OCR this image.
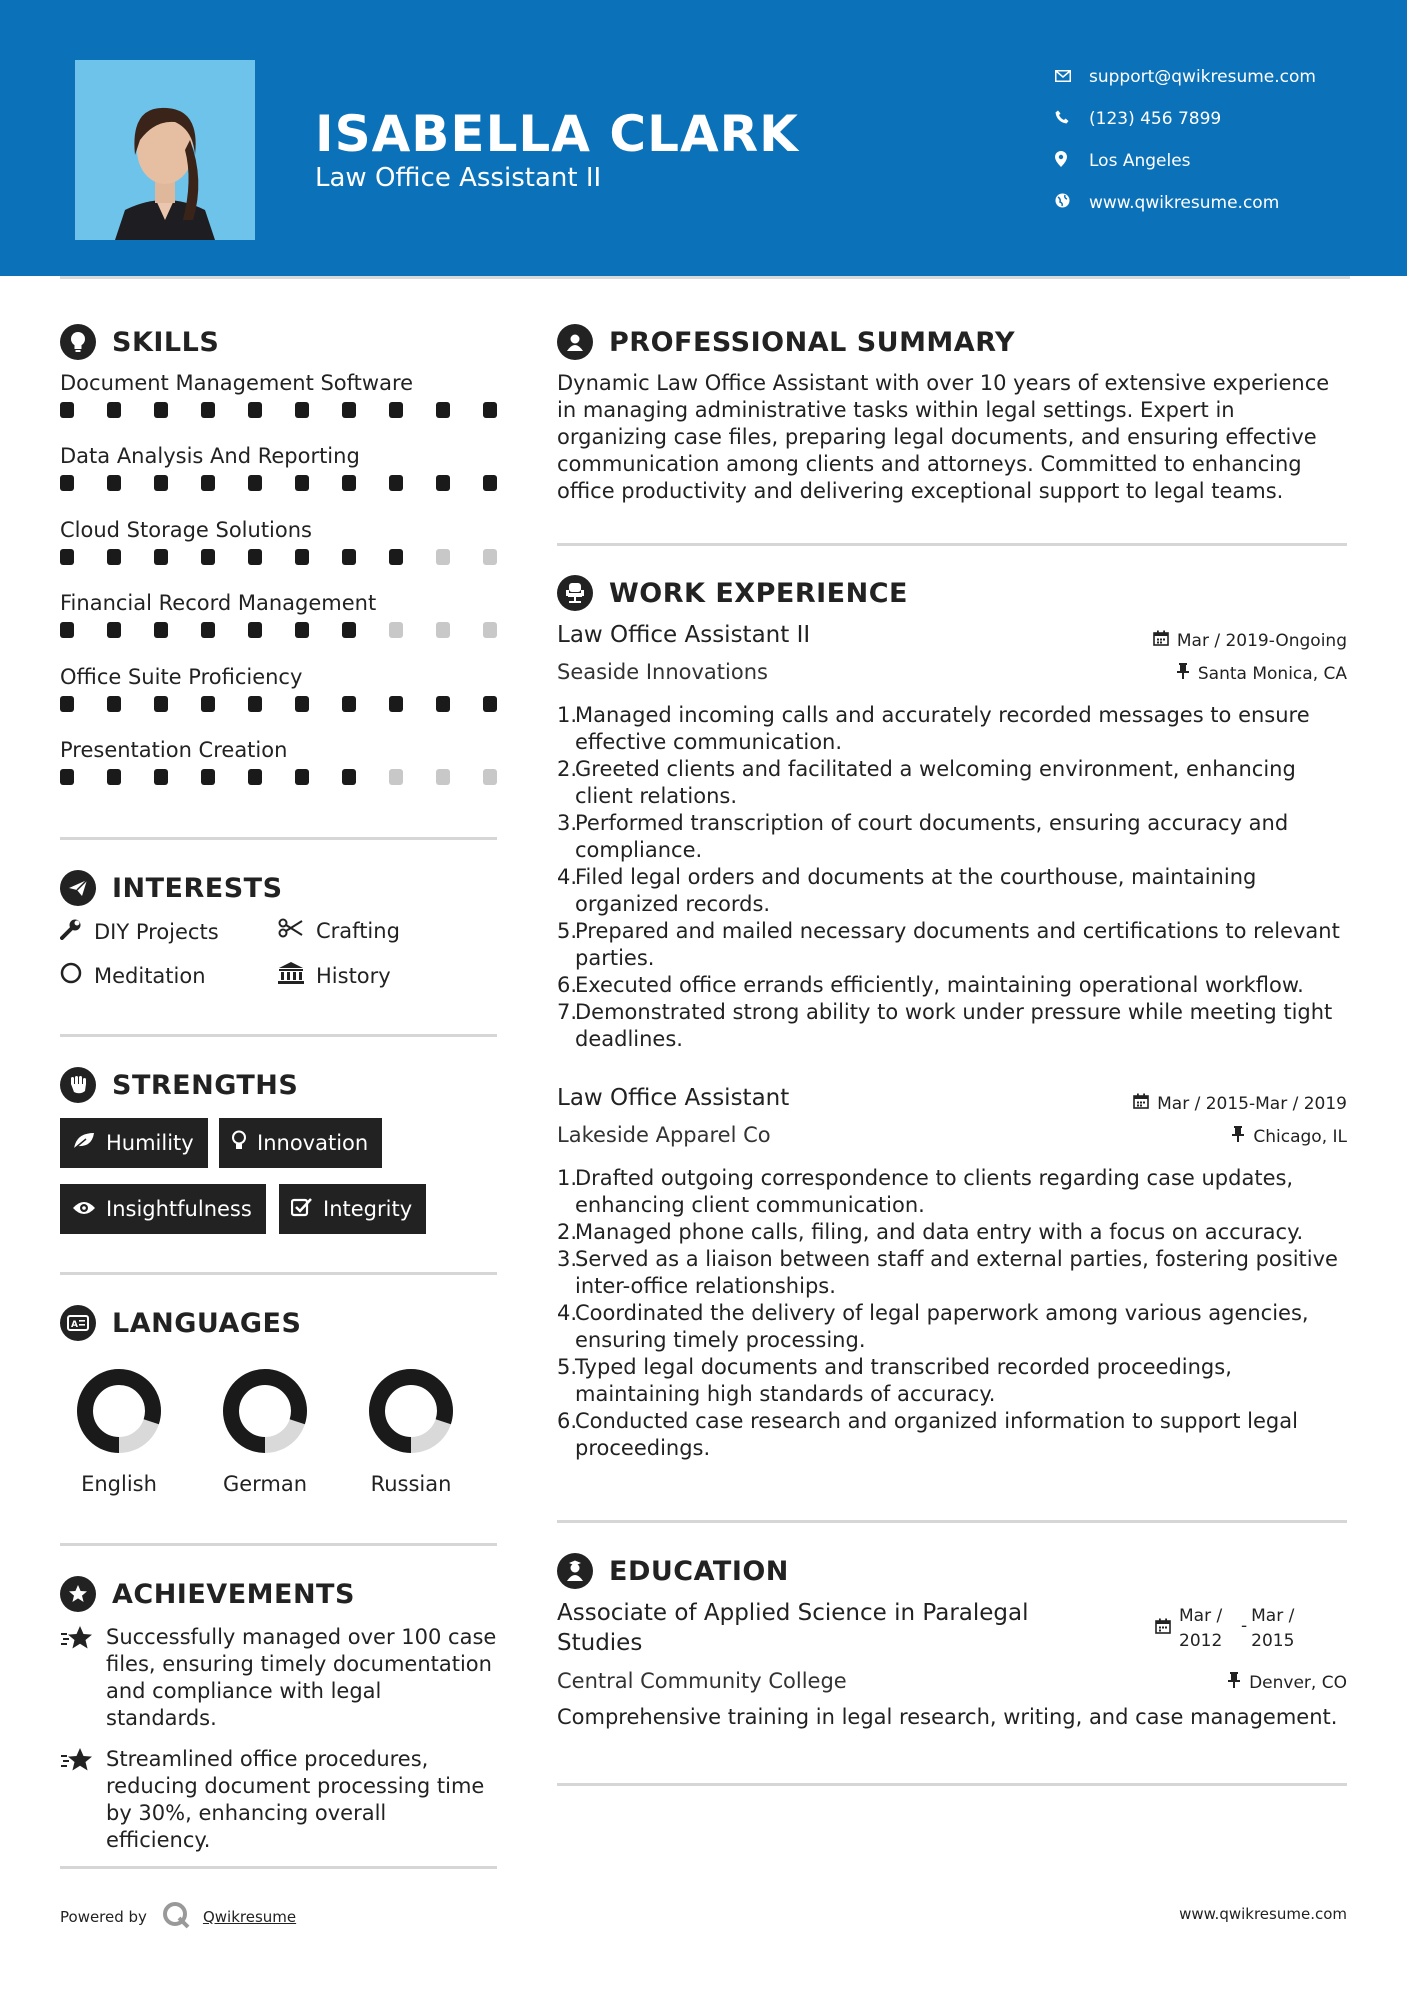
ISABELLA CLARK
Law Office Assistant II
support@qwikresume.com
(123) 456 7899
Los Angeles
www.qwikresume.com
SKILLS
Document Management Software
Data Analysis And Reporting
Cloud Storage Solutions
Financial Record Management
Office Suite Proficiency
Presentation Creation
INTERESTS
DIY Projects	Crafting
Meditation	History
STRENGTHS
Humility	Innovation
Insightfulness	Integrity
A LANGUAGES
English	German	Russian
ACHIEVEMENTS
Successfully managed over 100 case files, ensuring timely documentation and compliance with legal standards.
Streamlined office procedures, reducing document processing time by 30%, enhancing overall efficiency.
PROFESSIONAL SUMMARY
Dynamic Law Office Assistant with over 10 years of extensive experience in managing administrative tasks within legal settings. Expert in organizing case files, preparing legal documents, and ensuring effective communication among clients and attorneys. Committed to enhancing office productivity and delivering exceptional support to legal teams.
WORK EXPERIENCE
Law Office Assistant II	Mar / 2019-Ongoing
Seaside Innovations	Santa Monica, CA
1.
Managed incoming calls and accurately recorded messages to ensure effective communication.
2.
Greeted clients and facilitated a welcoming environment, enhancing client relations.
3.
Performed transcription of court documents, ensuring accuracy and compliance.
4.
Filed legal orders and documents at the courthouse, maintaining organized records.
5.
Prepared and mailed necessary documents and certifications to relevant parties.
6.
Executed office errands efficiently, maintaining operational workflow.
7.
Demonstrated strong ability to work under pressure while meeting tight deadlines.
Law Office Assistant	Mar / 2015-Mar / 2019
Lakeside Apparel Co	Chicago, IL
1.
Drafted outgoing correspondence to clients regarding case updates, enhancing client communication.
2.
Managed phone calls, filing, and data entry with a focus on accuracy.
3.
Served as a liaison between staff and external parties, fostering positive inter-office relationships.
4.
Coordinated the delivery of legal paperwork among various agencies, ensuring timely processing.
5.
Typed legal documents and transcribed recorded proceedings, maintaining high standards of accuracy.
6.
Conducted case research and organized information to support legal proceedings.
EDUCATION
Associate of Applied Science in Paralegal Studies
Mar / 2012
- Mar / 2015
Central Community College	Denver, CO
Comprehensive training in legal research, writing, and case management.
Powered by	Qwikresume	www.qwikresume.com
